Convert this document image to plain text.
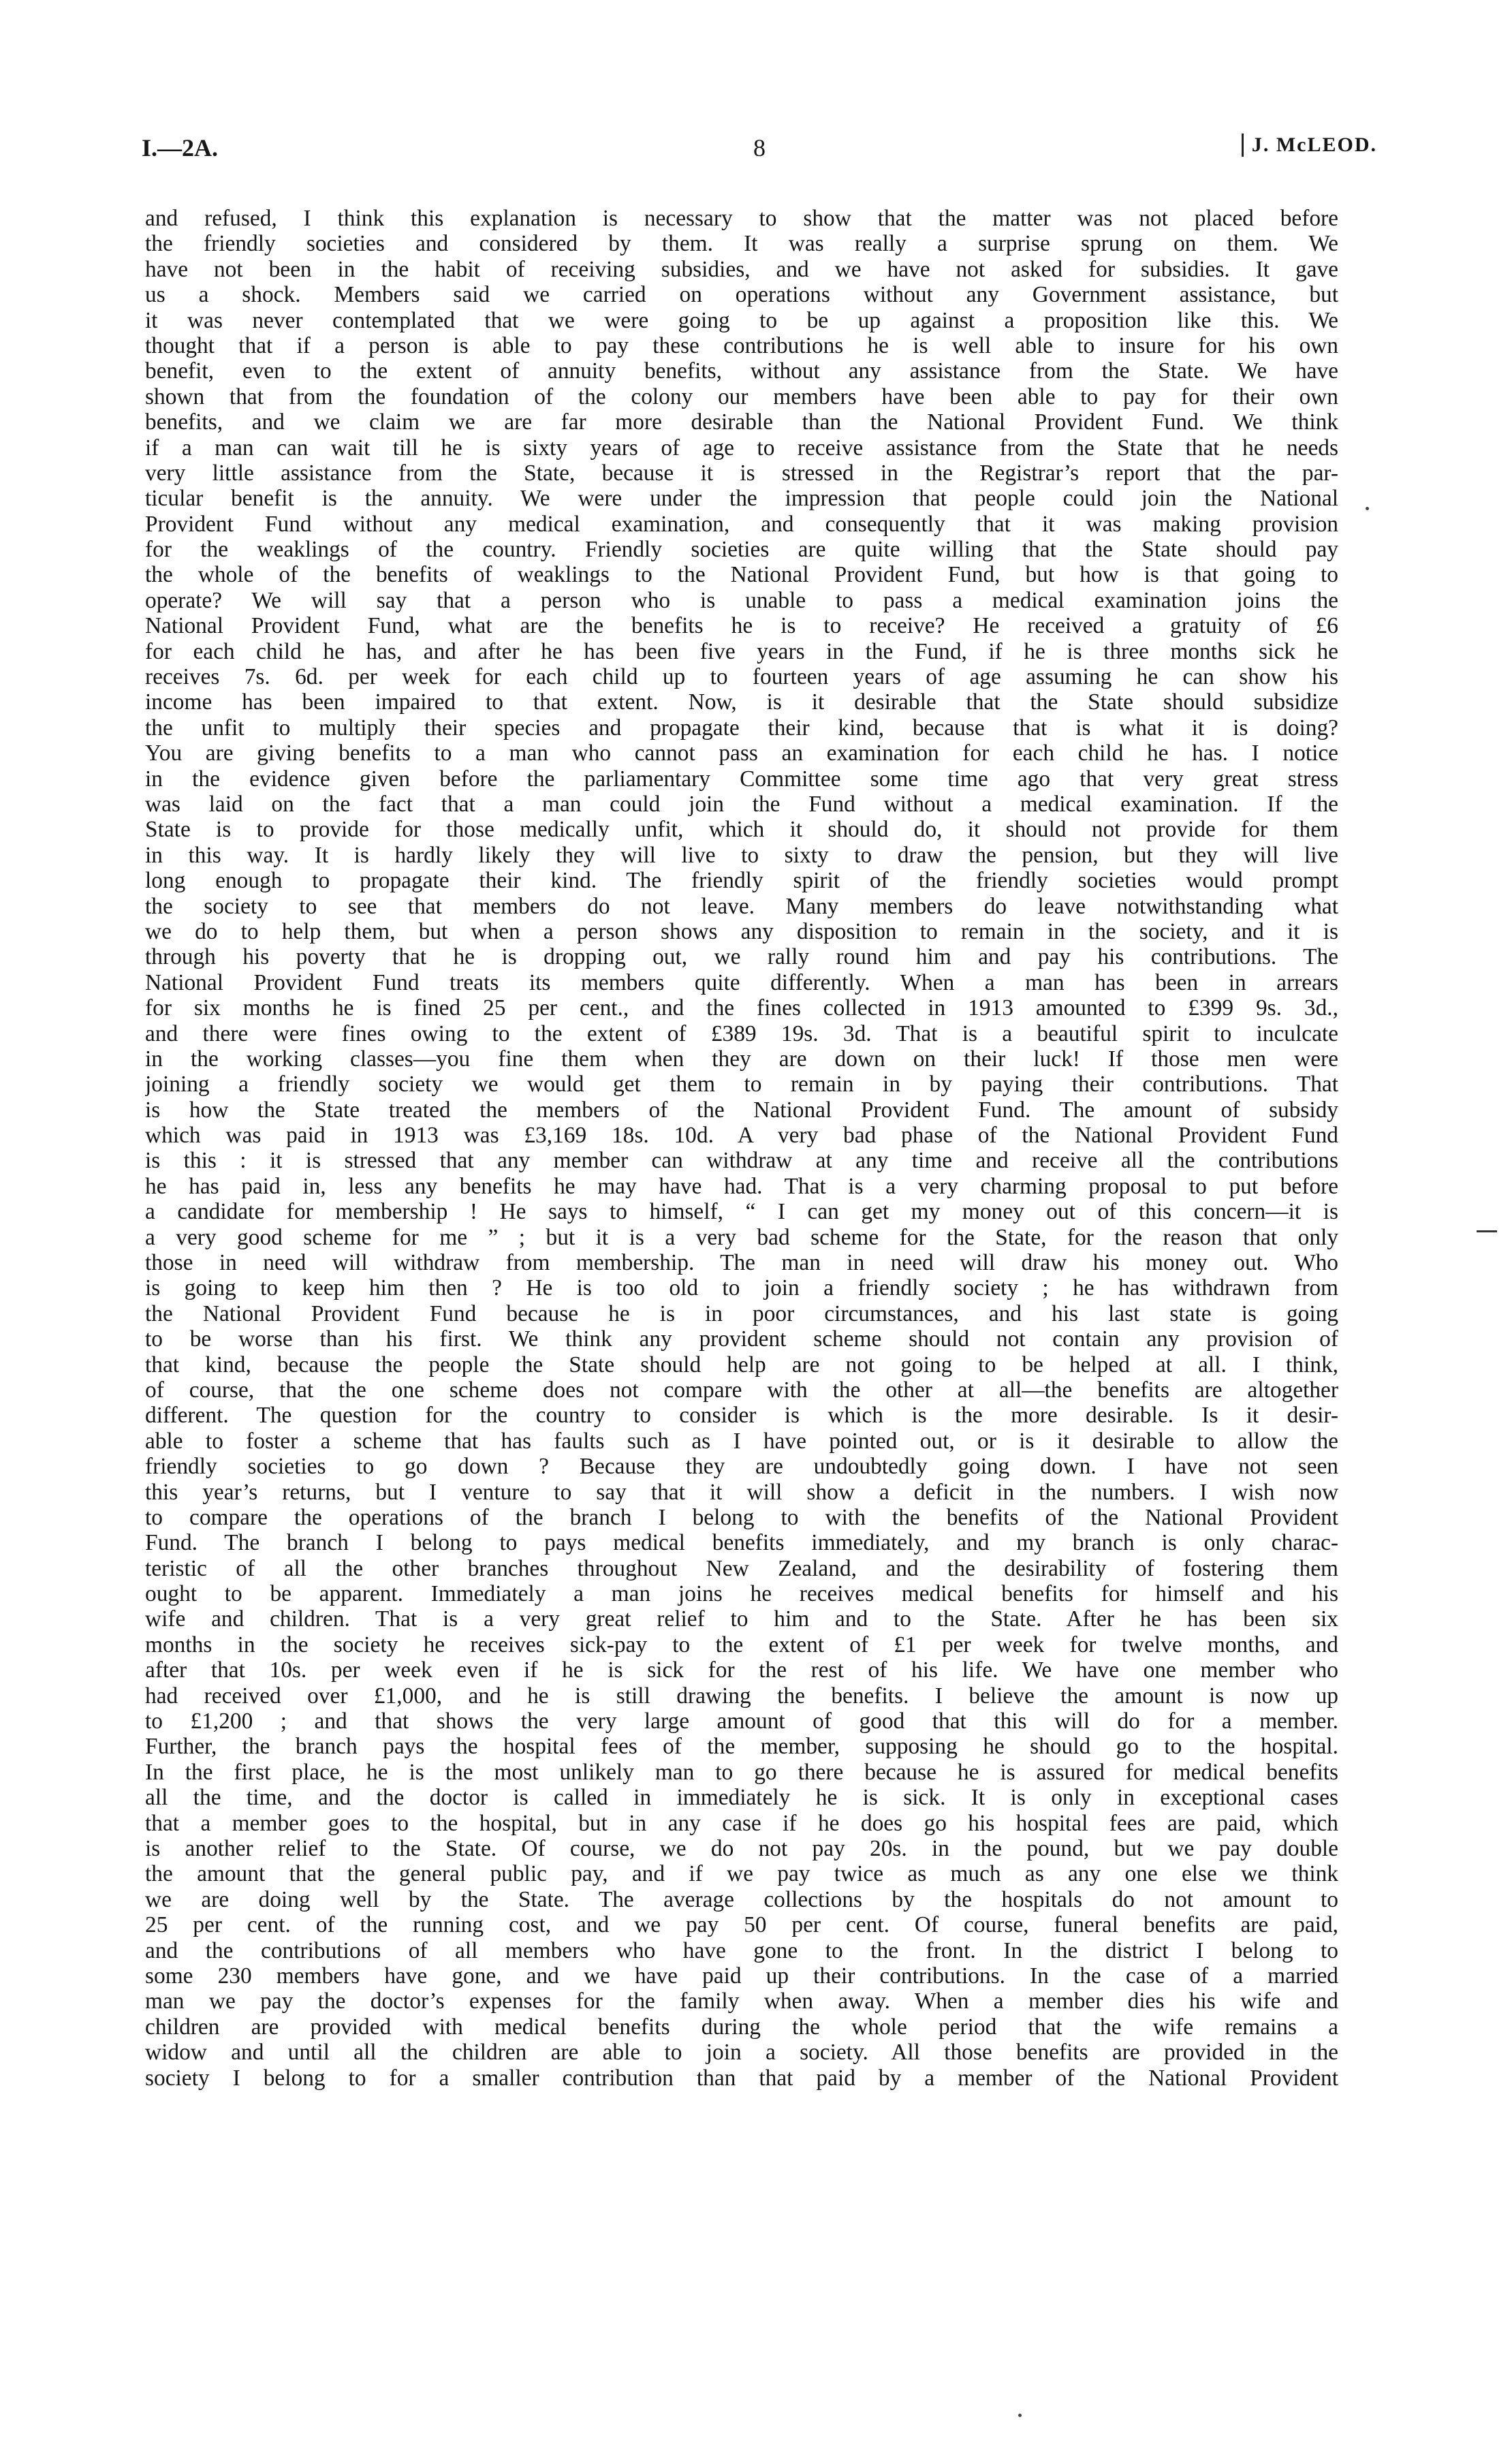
I.—2A.	8	J. McLEOD.
and refused, I think this explanation is necessary to show that the matter was not placed before
the friendly societies and considered by them. It was really a surprise sprung on them. We
have not been in the habit of receiving subsidies, and we have not asked for subsidies. It gave
us a shock. Members said we carried on operations without any Government assistance, but
it was never contemplated that we were going to be up against a proposition like this. We
thought that if a person is able to pay these contributions he is well able to insure for his own
benefit, even to the extent of annuity benefits, without any assistance from the State. We have
shown that from the foundation of the colony our members have been able to pay for their own
benefits, and we claim we are far more desirable than the National Provident Fund. We think
if a man can wait till he is sixty years of age to receive assistance from the State that he needs
very little assistance from the State, because it is stressed in the Registrar’s report that the par-
ticular benefit is the annuity. We were under the impression that people could join the National
Provident Fund without any medical examination, and consequently that it was making provision
for the weaklings of the country. Friendly societies are quite willing that the State should pay
the whole of the benefits of weaklings to the National Provident Fund, but how is that going to
operate? We will say that a person who is unable to pass a medical examination joins the
National Provident Fund, what are the benefits he is to receive? He received a gratuity of £6
for each child he has, and after he has been five years in the Fund, if he is three months sick he
receives 7s. 6d. per week for each child up to fourteen years of age assuming he can show his
income has been impaired to that extent. Now, is it desirable that the State should subsidize
the unfit to multiply their species and propagate their kind, because that is what it is doing?
You are giving benefits to a man who cannot pass an examination for each child he has. I notice
in the evidence given before the parliamentary Committee some time ago that very great stress
was laid on the fact that a man could join the Fund without a medical examination. If the
State is to provide for those medically unfit, which it should do, it should not provide for them
in this way. It is hardly likely they will live to sixty to draw the pension, but they will live
long enough to propagate their kind. The friendly spirit of the friendly societies would prompt
the society to see that members do not leave. Many members do leave notwithstanding what
we do to help them, but when a person shows any disposition to remain in the society, and it is
through his poverty that he is dropping out, we rally round him and pay his contributions. The
National Provident Fund treats its members quite differently. When a man has been in arrears
for six months he is fined 25 per cent., and the fines collected in 1913 amounted to £399 9s. 3d.,
and there were fines owing to the extent of £389 19s. 3d. That is a beautiful spirit to inculcate
in the working classes—you fine them when they are down on their luck! If those men were
joining a friendly society we would get them to remain in by paying their contributions. That
is how the State treated the members of the National Provident Fund. The amount of subsidy
which was paid in 1913 was £3,169 18s. 10d. A very bad phase of the National Provident Fund
is this : it is stressed that any member can withdraw at any time and receive all the contributions
he has paid in, less any benefits he may have had. That is a very charming proposal to put before
a candidate for membership ! He says to himself, “ I can get my money out of this concern—it is
a very good scheme for me ” ; but it is a very bad scheme for the State, for the reason that only
those in need will withdraw from membership. The man in need will draw his money out. Who
is going to keep him then ? He is too old to join a friendly society ; he has withdrawn from
the National Provident Fund because he is in poor circumstances, and his last state is going
to be worse than his first. We think any provident scheme should not contain any provision of
that kind, because the people the State should help are not going to be helped at all. I think,
of course, that the one scheme does not compare with the other at all—the benefits are altogether
different. The question for the country to consider is which is the more desirable. Is it desir-
able to foster a scheme that has faults such as I have pointed out, or is it desirable to allow the
friendly societies to go down ? Because they are undoubtedly going down. I have not seen
this year’s returns, but I venture to say that it will show a deficit in the numbers. I wish now
to compare the operations of the branch I belong to with the benefits of the National Provident
Fund. The branch I belong to pays medical benefits immediately, and my branch is only charac-
teristic of all the other branches throughout New Zealand, and the desirability of fostering them
ought to be apparent. Immediately a man joins he receives medical benefits for himself and his
wife and children. That is a very great relief to him and to the State. After he has been six
months in the society he receives sick-pay to the extent of £1 per week for twelve months, and
after that 10s. per week even if he is sick for the rest of his life. We have one member who
had received over £1,000, and he is still drawing the benefits. I believe the amount is now up
to £1,200 ; and that shows the very large amount of good that this will do for a member.
Further, the branch pays the hospital fees of the member, supposing he should go to the hospital.
In the first place, he is the most unlikely man to go there because he is assured for medical benefits
all the time, and the doctor is called in immediately he is sick. It is only in exceptional cases
that a member goes to the hospital, but in any case if he does go his hospital fees are paid, which
is another relief to the State. Of course, we do not pay 20s. in the pound, but we pay double
the amount that the general public pay, and if we pay twice as much as any one else we think
we are doing well by the State. The average collections by the hospitals do not amount to
25 per cent. of the running cost, and we pay 50 per cent. Of course, funeral benefits are paid,
and the contributions of all members who have gone to the front. In the district I belong to
some 230 members have gone, and we have paid up their contributions. In the case of a married
man we pay the doctor’s expenses for the family when away. When a member dies his wife and
children are provided with medical benefits during the whole period that the wife remains a
widow and until all the children are able to join a society. All those benefits are provided in the
society I belong to for a smaller contribution than that paid by a member of the National Provident
